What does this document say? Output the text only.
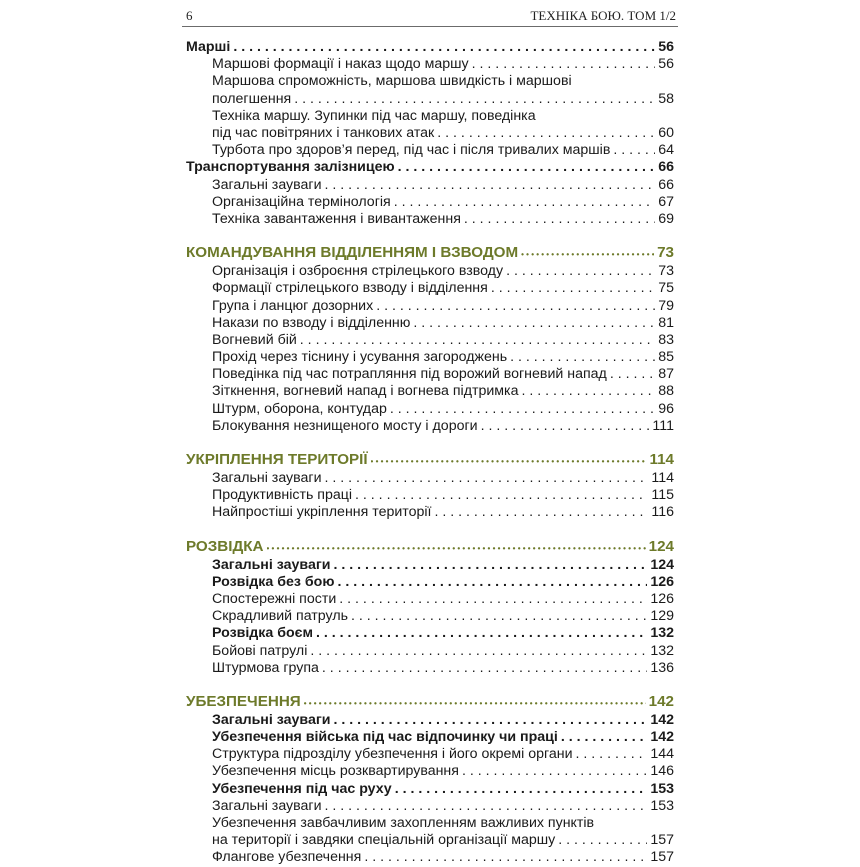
6	ТЕХНІКА БОЮ. ТОМ 1/2
Марші . . .	56
Маршові формації і наказ щодо маршу . . .	56
Маршова спроможність, маршова швидкість і маршові
полегшення . . .	58
Техніка маршу. Зупинки під час маршу, поведінка
під час повітряних і танкових атак . . .	60
Турбота про здоров’я перед, під час і після тривалих маршів . . .	64
Транспортування залізницею . . .	66
Загальні зауваги . . .	66
Організаційна термінологія . . .	67
Техніка завантаження і вивантаження . . .	69
КОМАНДУВАННЯ ВІДДІЛЕННЯМ І ВЗВОДОМ • • •	73
Організація і озброєння стрілецького взводу . . .	73
Формації стрілецького взводу і відділення . . .	75
Група і ланцюг дозорних . . .	79
Накази по взводу і відділенню . . .	81
Вогневий бій . . .	83
Прохід через тіснину і усування загороджень . . .	85
Поведінка під час потрапляння під ворожий вогневий напад . . .	87
Зіткнення, вогневий напад і вогнева підтримка . . .	88
Штурм, оборона, контудар . . .	96
Блокування незнищеного мосту і дороги . . .	111
УКРІПЛЕННЯ ТЕРИТОРІЇ • • •	114
Загальні зауваги . . .	114
Продуктивність праці . . .	115
Найпростіші укріплення території . . .	116
РОЗВІДКА • • •	124
Загальні зауваги . . .	124
Розвідка без бою . . .	126
Спостережні пости . . .	126
Скрадливий патруль . . .	129
Розвідка боєм . . .	132
Бойові патрулі . . .	132
Штурмова група . . .	136
УБЕЗПЕЧЕННЯ • • •	142
Загальні зауваги . . .	142
Убезпечення війська під час відпочинку чи праці . . .	142
Структура підрозділу убезпечення і його окремі органи . . .	144
Убезпечення місць розквартирування . . .	146
Убезпечення під час руху . . .	153
Загальні зауваги . . .	153
Убезпечення завбачливим захопленням важливих пунктів
на території і завдяки спеціальній організації маршу . . .	157
Флангове убезпечення . . .	157
